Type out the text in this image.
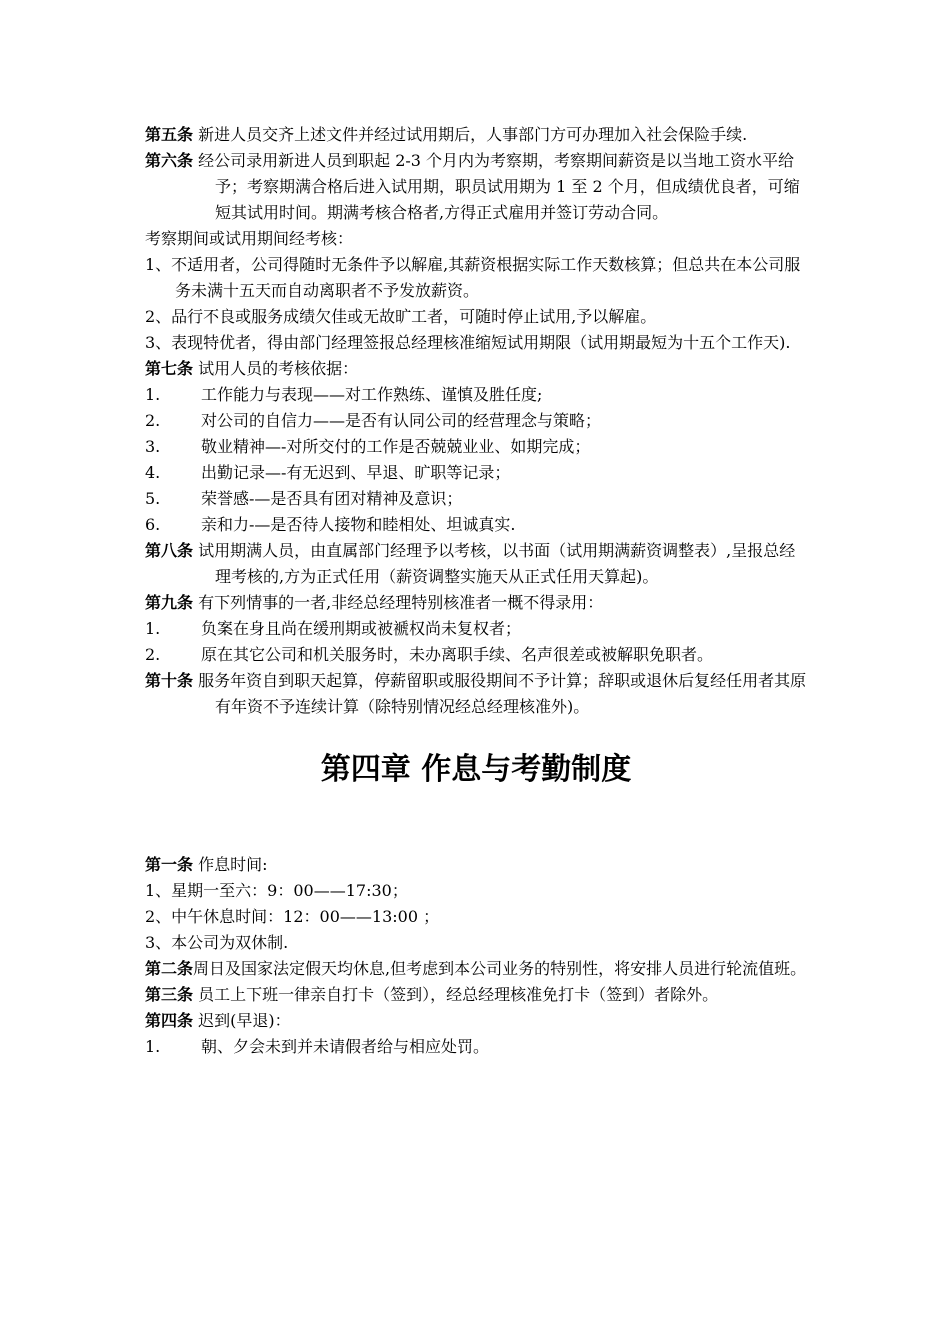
第五条 新进人员交齐上述文件并经过试用期后，人事部门方可办理加入社会保险手续.

第六条 经公司录用新进人员到职起 2-3 个月内为考察期，考察期间薪资是以当地工资水平给予；考察期满合格后进入试用期，职员试用期为 1 至 2 个月，但成绩优良者，可缩短其试用时间。期满考核合格者,方得正式雇用并签订劳动合同。

考察期间或试用期间经考核：

1、不适用者，公司得随时无条件予以解雇,其薪资根据实际工作天数核算；但总共在本公司服务未满十五天而自动离职者不予发放薪资。

2、品行不良或服务成绩欠佳或无故旷工者，可随时停止试用,予以解雇。

3、表现特优者，得由部门经理签报总经理核准缩短试用期限（试用期最短为十五个工作天).

第七条 试用人员的考核依据：

1.	工作能力与表现——对工作熟练、谨慎及胜任度;
2.	对公司的自信力——是否有认同公司的经营理念与策略；
3.	敬业精神—-对所交付的工作是否兢兢业业、如期完成；
4.	出勤记录—-有无迟到、早退、旷职等记录；
5.	荣誉感-—是否具有团对精神及意识；
6.	亲和力-—是否待人接物和睦相处、坦诚真实.

第八条 试用期满人员，由直属部门经理予以考核，以书面（试用期满薪资调整表）,呈报总经理考核的,方为正式任用（薪资调整实施天从正式任用天算起)。

第九条 有下列情事的一者,非经总经理特别核准者一概不得录用：

1.	负案在身且尚在缓刑期或被褫权尚未复权者；
2.	原在其它公司和机关服务时，未办离职手续、名声很差或被解职免职者。

第十条 服务年资自到职天起算，停薪留职或服役期间不予计算；辞职或退休后复经任用者其原有年资不予连续计算（除特别情况经总经理核准外)。

第四章 作息与考勤制度

第一条 作息时间:

1、星期一至六：9：00——17:30；

2、中午休息时间：12：00——13:00 ；

3、本公司为双休制.

第二条周日及国家法定假天均休息,但考虑到本公司业务的特别性，将安排人员进行轮流值班。

第三条 员工上下班一律亲自打卡（签到），经总经理核准免打卡（签到）者除外。

第四条 迟到(早退)：

1.	朝、夕会未到并未请假者给与相应处罚。
